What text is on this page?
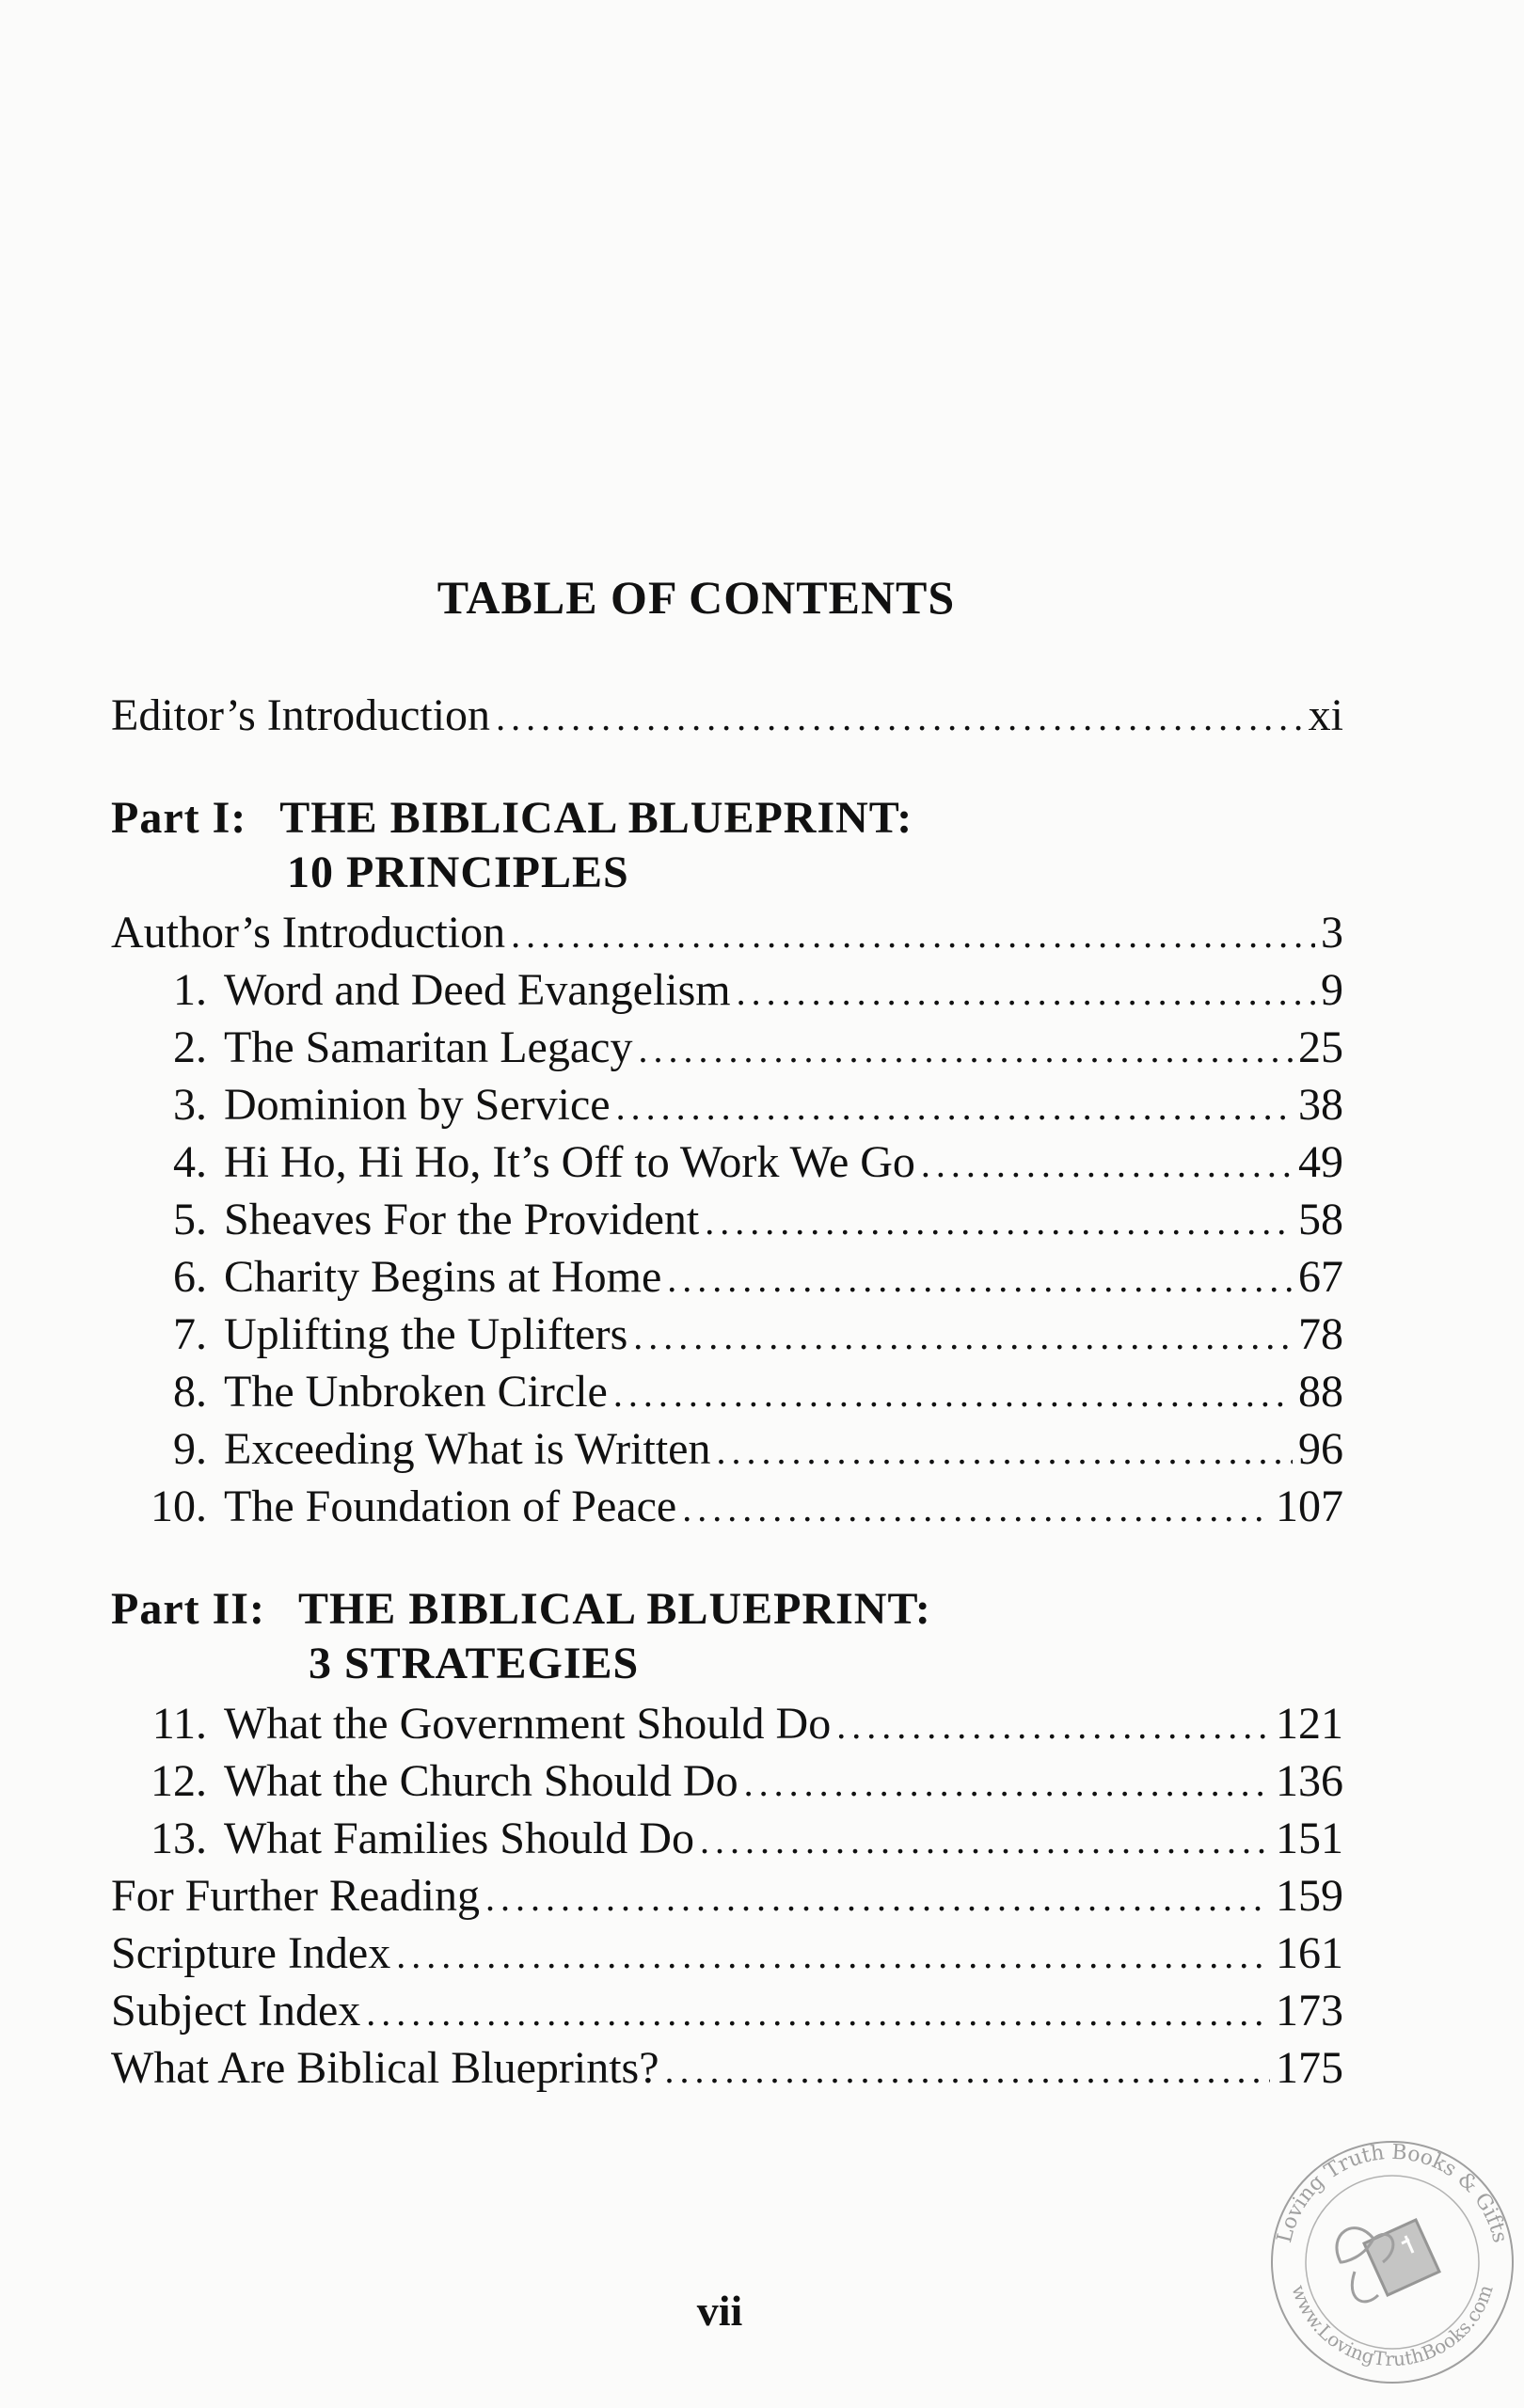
TABLE OF CONTENTS
Editor’s Introduction . . .	xi
Part I: THE BIBLICAL BLUEPRINT:
10 PRINCIPLES
Author’s Introduction . . .	3
1. Word and Deed Evangelism . . .	9
2. The Samaritan Legacy . . .	25
3. Dominion by Service . . .	38
4. Hi Ho, Hi Ho, It’s Off to Work We Go . . .	49
5. Sheaves For the Provident . . .	58
6. Charity Begins at Home . . .	67
7. Uplifting the Uplifters . . .	78
8. The Unbroken Circle . . .	88
9. Exceeding What is Written . . .	96
10. The Foundation of Peace . . .	107
Part II: THE BIBLICAL BLUEPRINT:
3 STRATEGIES
11. What the Government Should Do . . .	121
12. What the Church Should Do . . .	136
13. What Families Should Do . . .	151
For Further Reading . . .	159
Scripture Index . . .	161
Subject Index . . .	173
What Are Biblical Blueprints? . . .	175
vii
Loving Truth Books & Gifts
www.LovingTruthBooks.com
